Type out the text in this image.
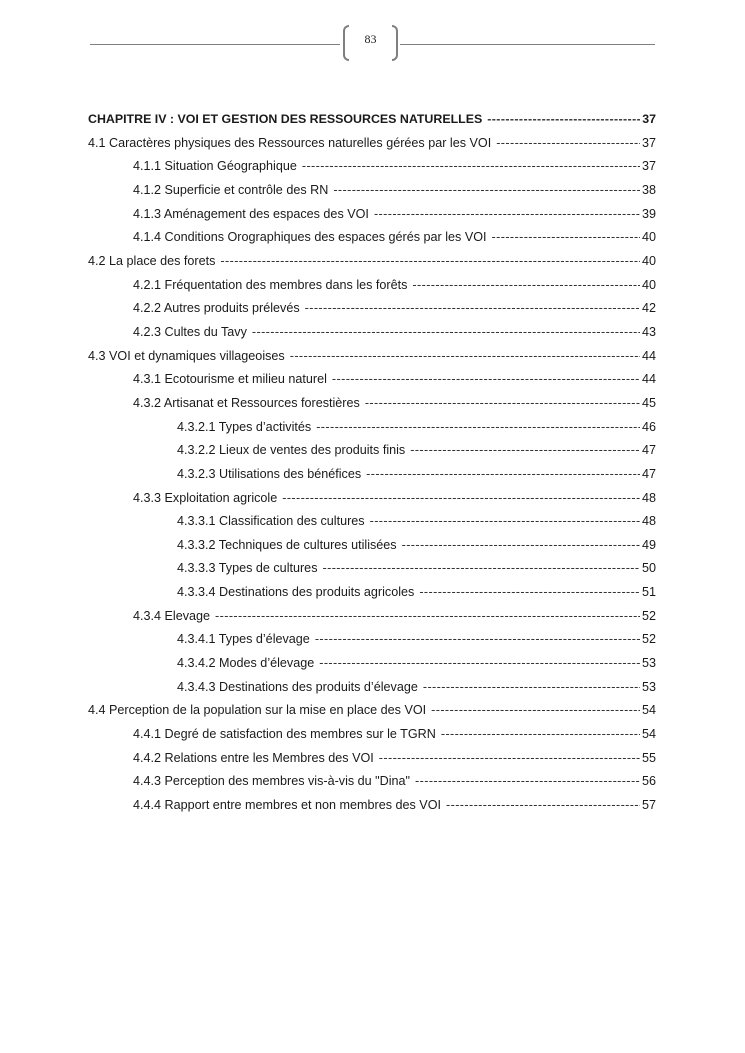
83
CHAPITRE IV : VOI ET GESTION DES RESSOURCES NATURELLES -----	37
4.1 Caractères physiques des Ressources naturelles gérées par les VOI -----	37
4.1.1 Situation Géographique -----	37
4.1.2 Superficie et contrôle des RN -----	38
4.1.3 Aménagement des espaces des VOI -----	39
4.1.4 Conditions Orographiques des espaces gérés par les VOI -----	40
4.2 La place des forets -----	40
4.2.1 Fréquentation des membres dans les forêts -----	40
4.2.2 Autres produits prélevés -----	42
4.2.3 Cultes du Tavy -----	43
4.3 VOI et dynamiques villageoises -----	44
4.3.1 Ecotourisme et milieu naturel -----	44
4.3.2 Artisanat et Ressources forestières -----	45
4.3.2.1 Types d’activités -----	46
4.3.2.2 Lieux de ventes des produits finis -----	47
4.3.2.3 Utilisations des bénéfices -----	47
4.3.3 Exploitation agricole -----	48
4.3.3.1 Classification des cultures -----	48
4.3.3.2 Techniques de cultures utilisées -----	49
4.3.3.3 Types de cultures -----	50
4.3.3.4 Destinations des produits agricoles -----	51
4.3.4 Elevage -----	52
4.3.4.1 Types d’élevage -----	52
4.3.4.2 Modes d’élevage -----	53
4.3.4.3 Destinations des produits d’élevage -----	53
4.4 Perception de la population sur la mise en place des VOI -----	54
4.4.1 Degré de satisfaction des membres sur le TGRN -----	54
4.4.2 Relations entre les Membres des VOI -----	55
4.4.3 Perception des membres vis-à-vis du "Dina" -----	56
4.4.4 Rapport entre membres et non membres des VOI -----	57
